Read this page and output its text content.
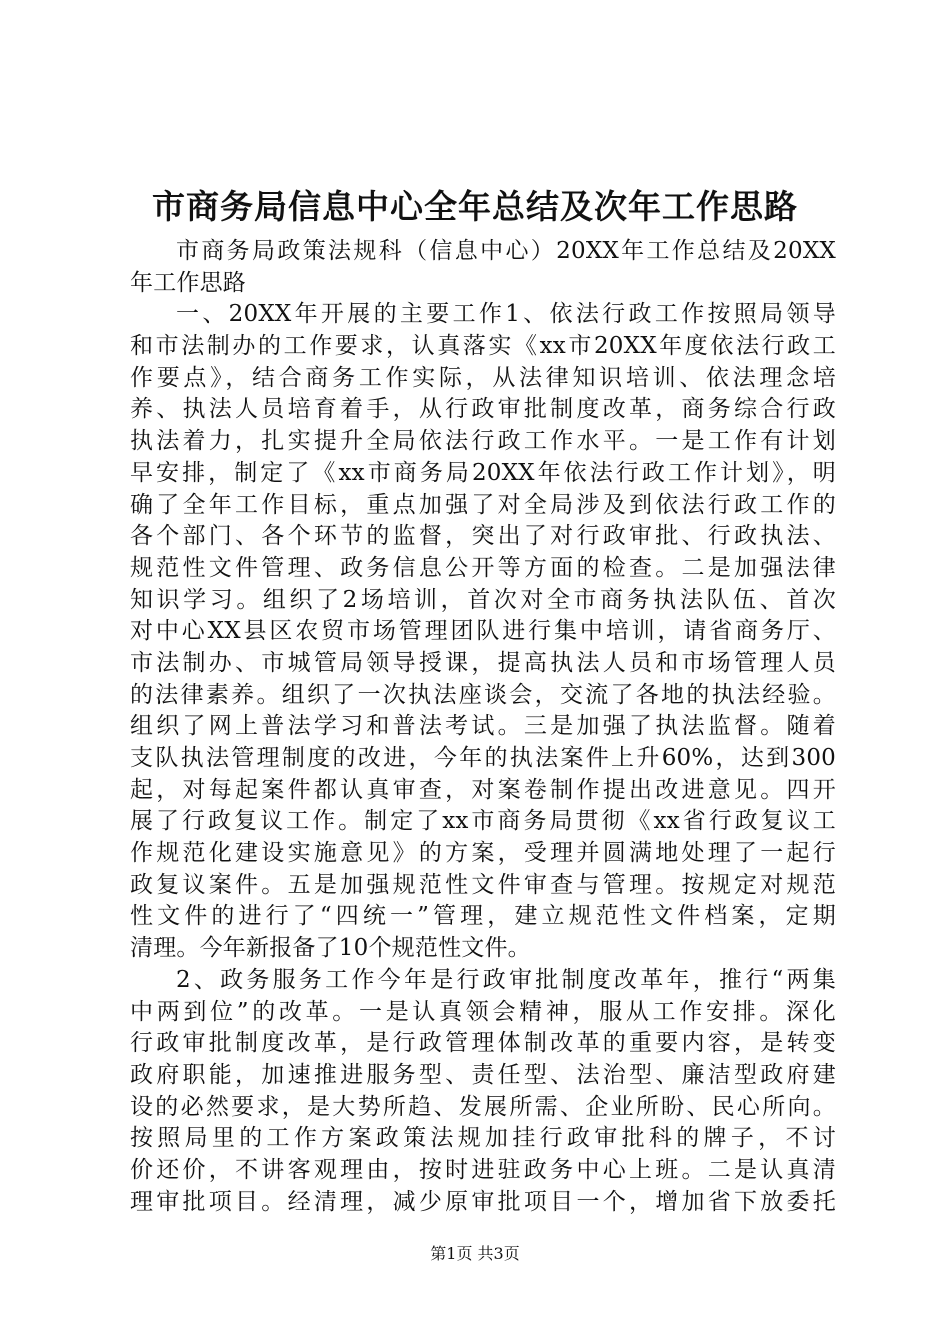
市商务局信息中心全年总结及次年工作思路
市商务局政策法规科（信息中心）20XX年工作总结及20XX
年工作思路
一、20XX年开展的主要工作1、依法行政工作按照局领导
和市法制办的工作要求，认真落实《xx市20XX年度依法行政工
作要点》，结合商务工作实际，从法律知识培训、依法理念培
养、执法人员培育着手，从行政审批制度改革，商务综合行政
执法着力，扎实提升全局依法行政工作水平。一是工作有计划
早安排，制定了《xx市商务局20XX年依法行政工作计划》，明
确了全年工作目标，重点加强了对全局涉及到依法行政工作的
各个部门、各个环节的监督，突出了对行政审批、行政执法、
规范性文件管理、政务信息公开等方面的检查。二是加强法律
知识学习。组织了2场培训，首次对全市商务执法队伍、首次
对中心XX县区农贸市场管理团队进行集中培训，请省商务厅、
市法制办、市城管局领导授课，提高执法人员和市场管理人员
的法律素养。组织了一次执法座谈会，交流了各地的执法经验。
组织了网上普法学习和普法考试。三是加强了执法监督。随着
支队执法管理制度的改进，今年的执法案件上升60%，达到300
起，对每起案件都认真审查，对案卷制作提出改进意见。四开
展了行政复议工作。制定了xx市商务局贯彻《xx省行政复议工
作规范化建设实施意见》的方案，受理并圆满地处理了一起行
政复议案件。五是加强规范性文件审查与管理。按规定对规范
性文件的进行了“四统一”管理，建立规范性文件档案，定期
清理。今年新报备了10个规范性文件。
2、政务服务工作今年是行政审批制度改革年，推行“两集
中两到位”的改革。一是认真领会精神，服从工作安排。深化
行政审批制度改革，是行政管理体制改革的重要内容，是转变
政府职能，加速推进服务型、责任型、法治型、廉洁型政府建
设的必然要求，是大势所趋、发展所需、企业所盼、民心所向。
按照局里的工作方案政策法规加挂行政审批科的牌子，不讨
价还价，不讲客观理由，按时进驻政务中心上班。二是认真清
理审批项目。经清理，减少原审批项目一个，增加省下放委托
第1页 共3页
